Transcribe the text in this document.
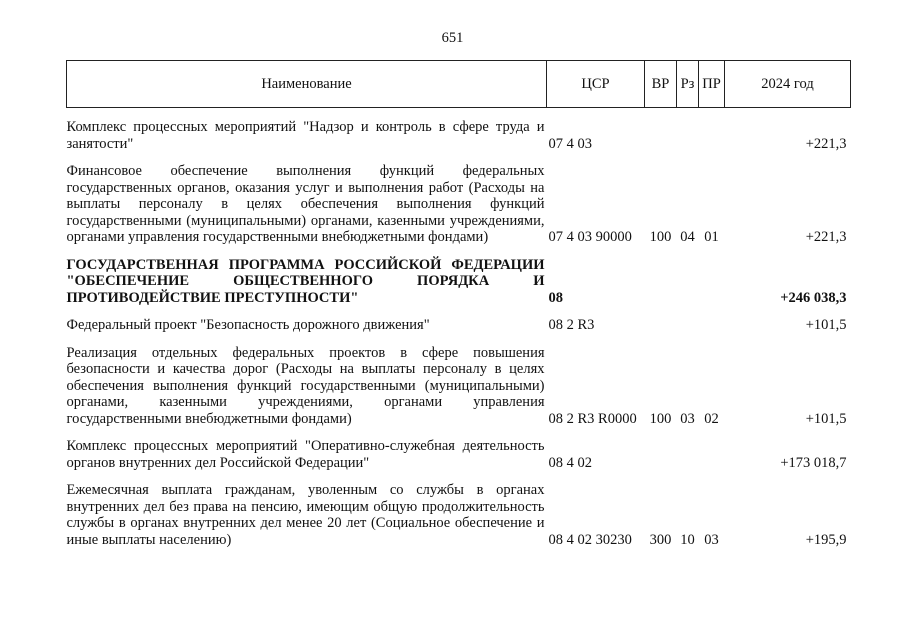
651
Наименование	ЦСР	ВР	Рз	ПР	2024 год
Комплекс процессных мероприятий "Надзор и контроль в сфере труда и занятости"	07 4 03				+221,3
Финансовое обеспечение выполнения функций федеральных государственных органов, оказания услуг и выполнения работ (Расходы на выплаты персоналу в целях обеспечения выполнения функций государственными (муниципальными) органами, казенными учреждениями, органами управления государственными внебюджетными фондами)	07 4 03 90000	100	04	01	+221,3
ГОСУДАРСТВЕННАЯ ПРОГРАММА РОССИЙСКОЙ ФЕДЕРАЦИИ "ОБЕСПЕЧЕНИЕ ОБЩЕСТВЕННОГО ПОРЯДКА И ПРОТИВОДЕЙСТВИЕ ПРЕСТУПНОСТИ"	08				+246 038,3
Федеральный проект "Безопасность дорожного движения"	08 2 R3				+101,5
Реализация отдельных федеральных проектов в сфере повышения безопасности и качества дорог (Расходы на выплаты персоналу в целях обеспечения выполнения функций государственными (муниципальными) органами, казенными учреждениями, органами управления государственными внебюджетными фондами)	08 2 R3 R0000	100	03	02	+101,5
Комплекс процессных мероприятий "Оперативно-служебная деятельность органов внутренних дел Российской Федерации"	08 4 02				+173 018,7
Ежемесячная выплата гражданам, уволенным со службы в органах внутренних дел без права на пенсию, имеющим общую продолжительность службы в органах внутренних дел менее 20 лет (Социальное обеспечение и иные выплаты населению)	08 4 02 30230	300	10	03	+195,9
